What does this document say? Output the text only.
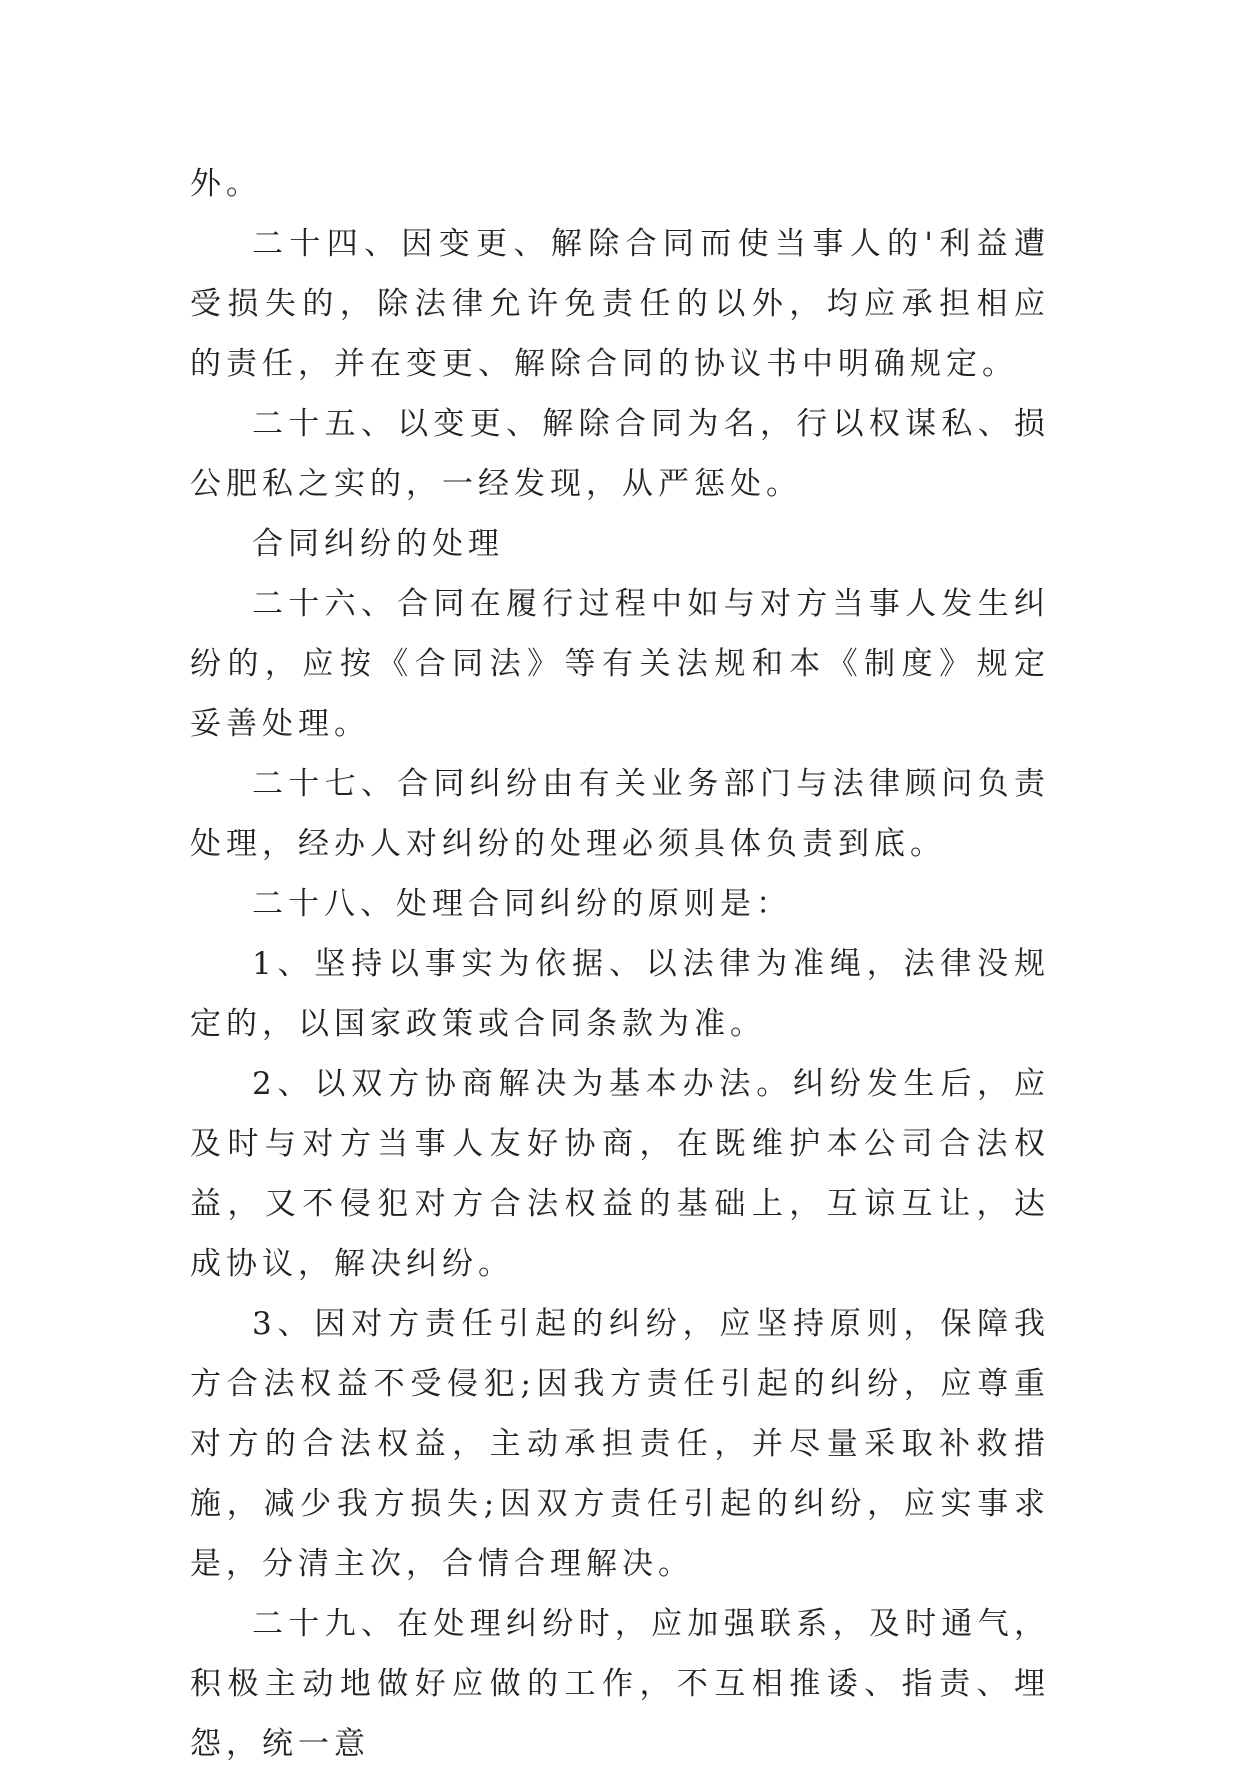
外。

二十四、因变更、解除合同而使当事人的'利益遭受损失的，除法律允许免责任的以外，均应承担相应的责任，并在变更、解除合同的协议书中明确规定。

二十五、以变更、解除合同为名，行以权谋私、损公肥私之实的，一经发现，从严惩处。

合同纠纷的处理

二十六、合同在履行过程中如与对方当事人发生纠纷的，应按《合同法》等有关法规和本《制度》规定妥善处理。

二十七、合同纠纷由有关业务部门与法律顾问负责处理，经办人对纠纷的处理必须具体负责到底。

二十八、处理合同纠纷的原则是：

1、坚持以事实为依据、以法律为准绳，法律没规定的，以国家政策或合同条款为准。

2、以双方协商解决为基本办法。纠纷发生后，应及时与对方当事人友好协商，在既维护本公司合法权益，又不侵犯对方合法权益的基础上，互谅互让，达成协议，解决纠纷。

3、因对方责任引起的纠纷，应坚持原则，保障我方合法权益不受侵犯;因我方责任引起的纠纷，应尊重对方的合法权益，主动承担责任，并尽量采取补救措施，减少我方损失;因双方责任引起的纠纷，应实事求是，分清主次，合情合理解决。

二十九、在处理纠纷时，应加强联系，及时通气，积极主动地做好应做的工作，不互相推诿、指责、埋怨，统一意
